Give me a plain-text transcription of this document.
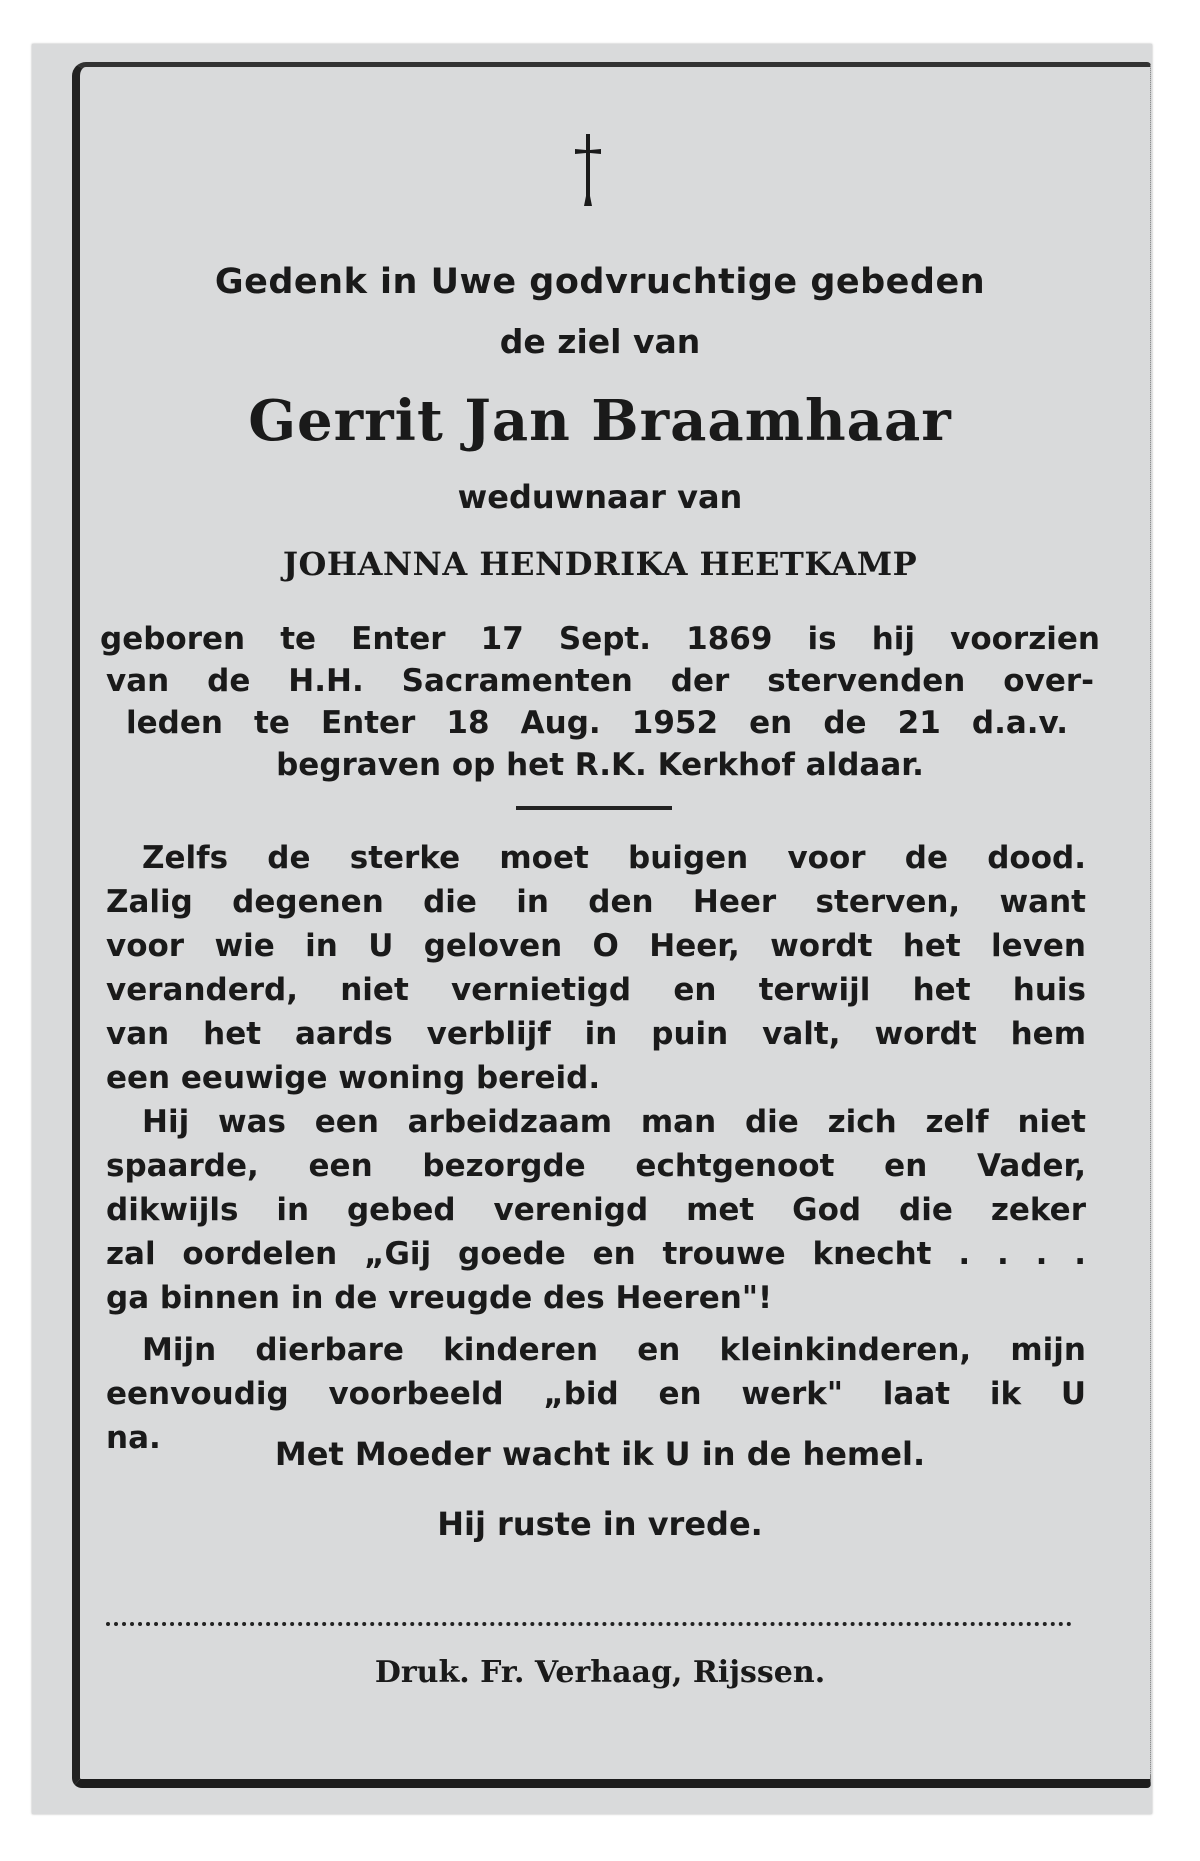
Gedenk in Uwe godvruchtige gebeden

de ziel van

Gerrit Jan Braamhaar

weduwnaar van

JOHANNA HENDRIKA HEETKAMP

geboren te Enter 17 Sept. 1869 is hij voorzien

van de H.H. Sacramenten der stervenden over-

leden te Enter 18 Aug. 1952 en de 21 d.a.v.

begraven op het R.K. Kerkhof aldaar.

Zelfs de sterke moet buigen voor de dood.

Zalig degenen die in den Heer sterven, want

voor wie in U geloven O Heer, wordt het leven

veranderd, niet vernietigd en terwijl het huis

van het aards verblijf in puin valt, wordt hem

een eeuwige woning bereid.

Hij was een arbeidzaam man die zich zelf niet

spaarde, een bezorgde echtgenoot en Vader,

dikwijls in gebed verenigd met God die zeker

zal oordelen „Gij goede en trouwe knecht . . . .

ga binnen in de vreugde des Heeren"!

Mijn dierbare kinderen en kleinkinderen, mijn

eenvoudig voorbeeld „bid en werk" laat ik U

na.	Met Moeder wacht ik U in de hemel.

Hij ruste in vrede.

Druk. Fr. Verhaag, Rijssen.
